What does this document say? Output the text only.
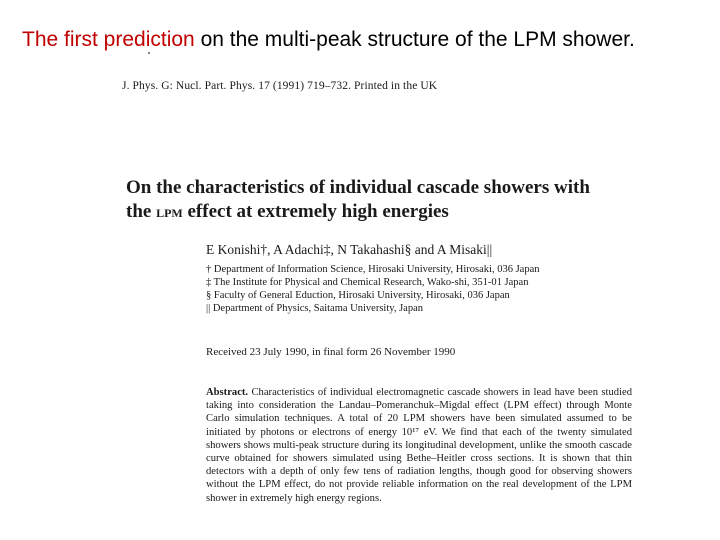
The first prediction on the multi-peak structure of the LPM shower.
J. Phys. G: Nucl. Part. Phys. 17 (1991) 719–732. Printed in the UK
On the characteristics of individual cascade showers with
the LPM effect at extremely high energies
E Konishi†, A Adachi‡, N Takahashi§ and A Misaki||
† Department of Information Science, Hirosaki University, Hirosaki, 036 Japan
‡ The Institute for Physical and Chemical Research, Wako-shi, 351-01 Japan
§ Faculty of General Eduction, Hirosaki University, Hirosaki, 036 Japan
|| Department of Physics, Saitama University, Japan
Received 23 July 1990, in final form 26 November 1990
Abstract. Characteristics of individual electromagnetic cascade showers in lead have been studied taking into consideration the Landau–Pomeranchuk–Migdal effect (LPM effect) through Monte Carlo simulation techniques. A total of 20 LPM showers have been simulated assumed to be initiated by photons or electrons of energy 10¹⁷ eV. We find that each of the twenty simulated showers shows multi-peak structure during its longitudinal development, unlike the smooth cascade curve obtained for showers simulated using Bethe–Heitler cross sections. It is shown that thin detectors with a depth of only few tens of radiation lengths, though good for observing showers without the LPM effect, do not provide reliable information on the real development of the LPM shower in extremely high energy regions.
